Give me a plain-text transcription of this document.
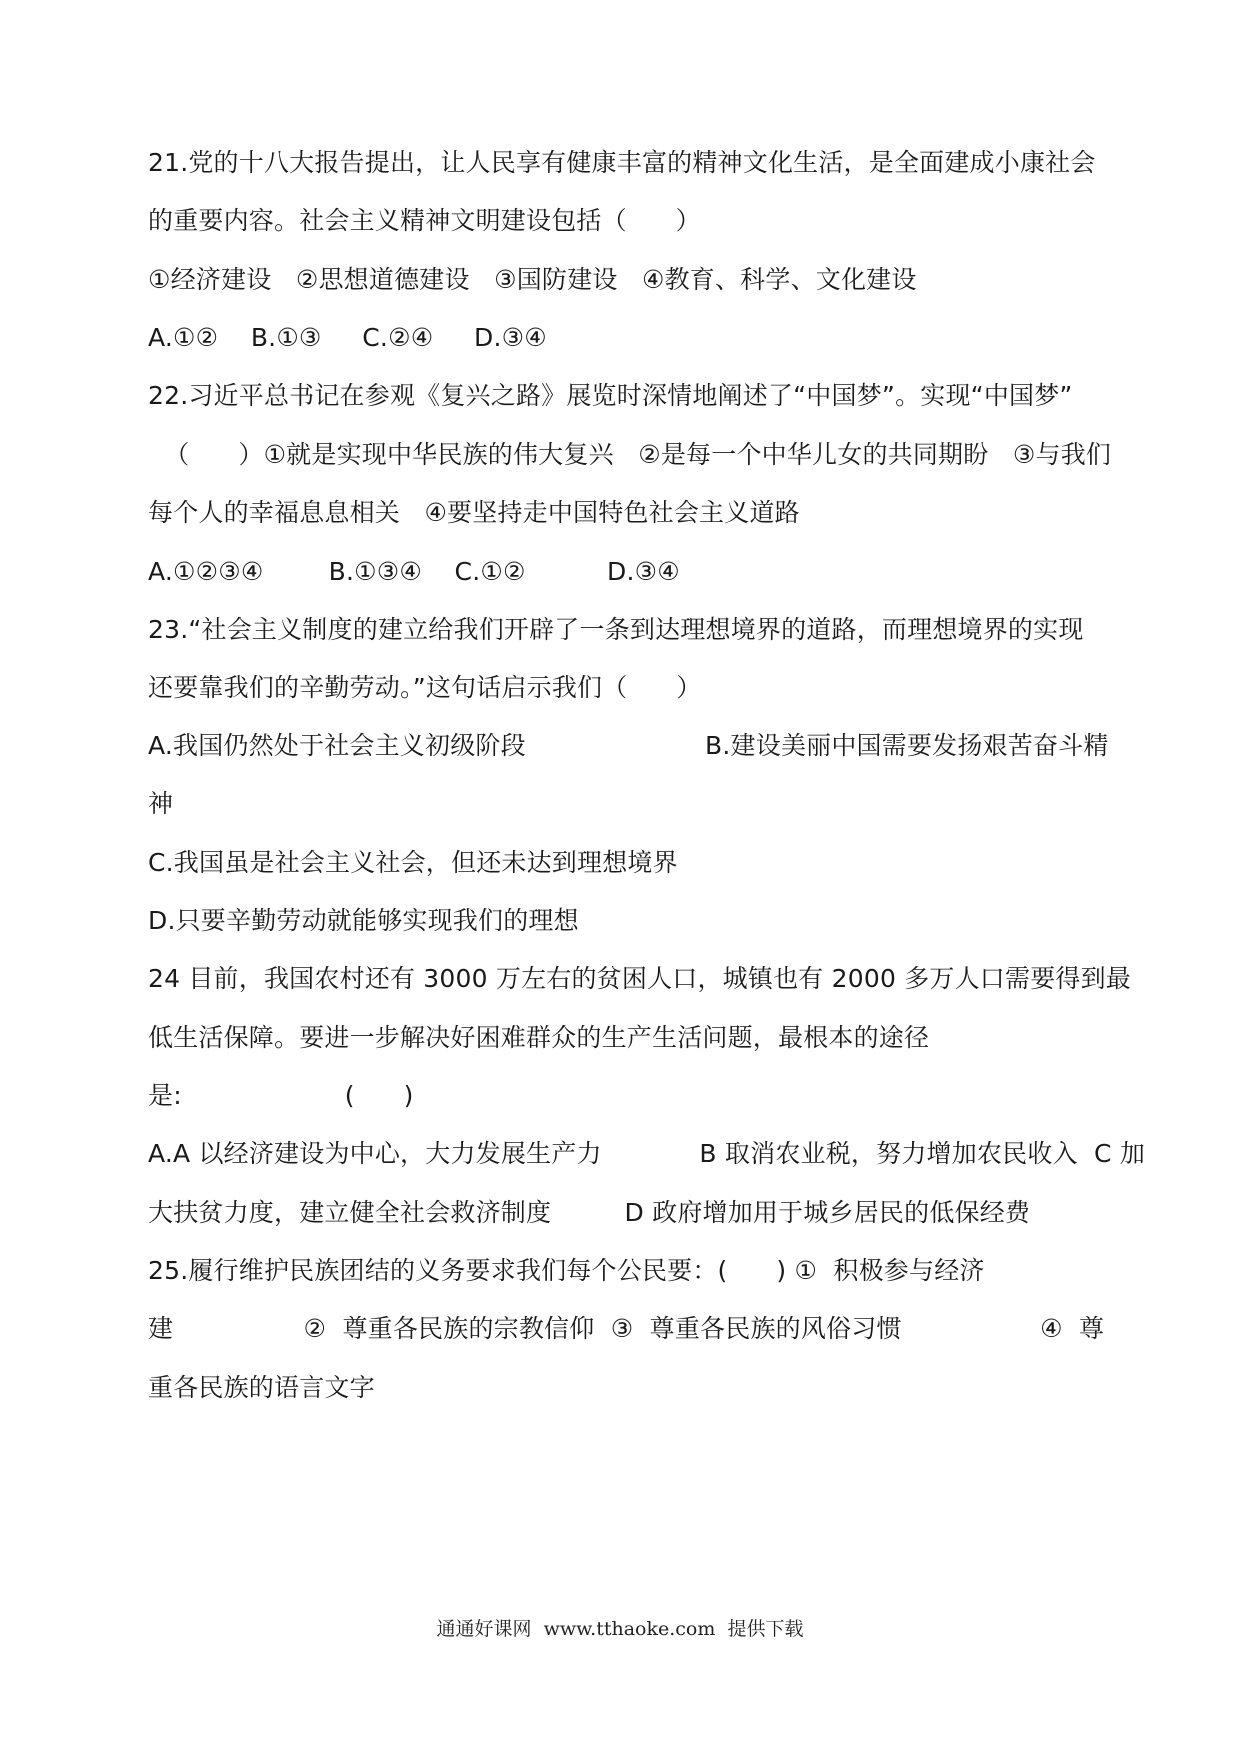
21.党的十八大报告提出，让人民享有健康丰富的精神文化生活，是全面建成小康社会
的重要内容。社会主义精神文明建设包括（      ）
①经济建设   ②思想道德建设   ③国防建设   ④教育、科学、文化建设
A.①②    B.①③     C.②④     D.③④
22.习近平总书记在参观《复兴之路》展览时深情地阐述了“中国梦”。实现“中国梦”
（      ）①就是实现中华民族的伟大复兴   ②是每一个中华儿女的共同期盼   ③与我们
每个人的幸福息息相关   ④要坚持走中国特色社会主义道路
A.①②③④        B.①③④    C.①②          D.③④
23.“社会主义制度的建立给我们开辟了一条到达理想境界的道路，而理想境界的实现
还要靠我们的辛勤劳动。”这句话启示我们（      ）
A.我国仍然处于社会主义初级阶段                      B.建设美丽中国需要发扬艰苦奋斗精
神
C.我国虽是社会主义社会，但还未达到理想境界
D.只要辛勤劳动就能够实现我们的理想
24 目前，我国农村还有 3000 万左右的贫困人口，城镇也有 2000 多万人口需要得到最
低生活保障。要进一步解决好困难群众的生产生活问题，最根本的途径
是:                    (      )
A.A 以经济建设为中心，大力发展生产力            B 取消农业税，努力增加农民收入  C 加
大扶贫力度，建立健全社会救济制度         D 政府增加用于城乡居民的低保经费
25.履行维护民族团结的义务要求我们每个公民要：(      ) ①  积极参与经济
建                ②  尊重各民族的宗教信仰  ③  尊重各民族的风俗习惯                 ④  尊
重各民族的语言文字
通通好课网  www.tthaoke.com  提供下载
